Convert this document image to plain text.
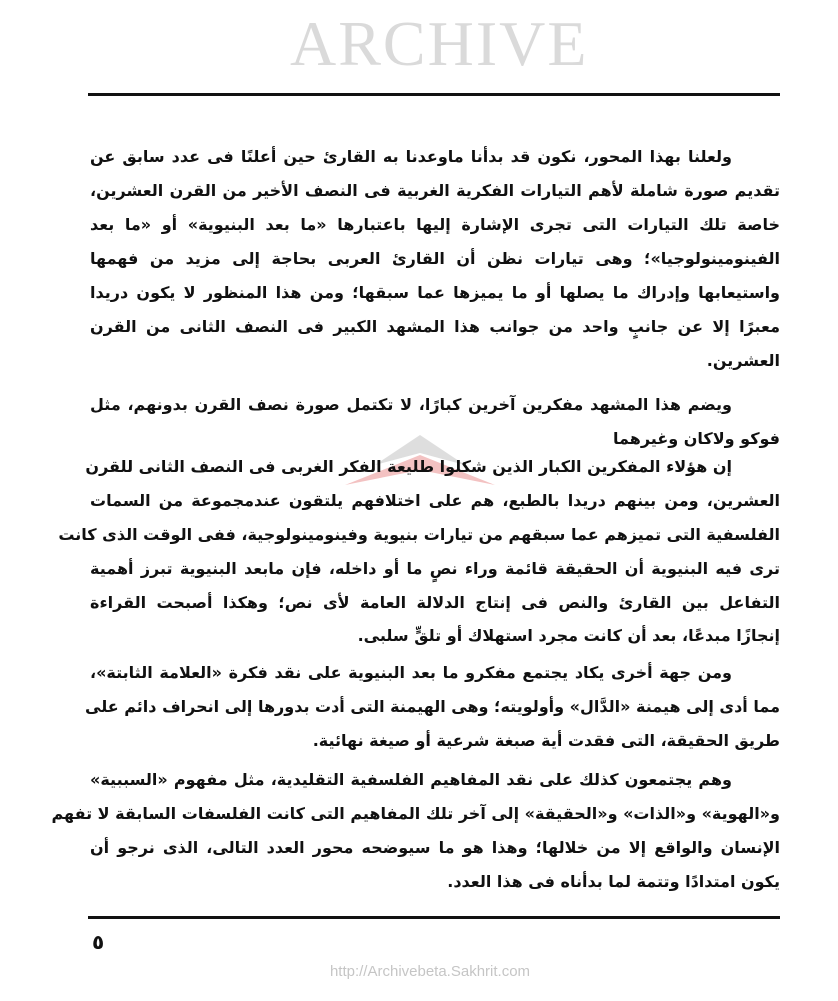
ARCHIVE
ولعلنا بهذا المحور، نكون قد بدأنا ماوعدنا به القارئ حين أعلنًا فى عدد سابق عن
تقديم صورة شاملة لأهم التيارات الفكرية الغربية فى النصف الأخير من القرن العشرين،
خاصة تلك التيارات التى تجرى الإشارة إليها باعتبارها «ما بعد البنيوية» أو «ما بعد
الفينومينولوجيا»؛ وهى تيارات نظن أن القارئ العربى بحاجة إلى مزيد من فهمها
واستيعابها وإدراك ما يصلها أو ما يميزها عما سبقها؛ ومن هذا المنظور لا يكون دريدا
معبرًا إلا عن جانبٍ واحد من جوانب هذا المشهد الكبير فى النصف الثانى من القرن
العشرين.
ويضم هذا المشهد مفكرين آخرين كبارًا، لا تكتمل صورة نصف القرن بدونهم، مثل
فوكو ولاكان وغيرهما
إن هؤلاء المفكرين الكبار الذين شكلوا طليعة الفكر الغربى فى النصف الثانى للقرن
العشرين، ومن بينهم دريدا بالطبع، هم على اختلافهم يلتقون عندمجموعة من السمات
الفلسفية التى تميزهم عما سبقهم من تيارات بنيوية وفينومينولوجية، ففى الوقت الذى كانت
ترى فيه البنيوية أن الحقيقة قائمة وراء نصٍ ما أو داخله، فإن مابعد البنيوية تبرز أهمية
التفاعل بين القارئ والنص فى إنتاج الدلالة العامة لأى نص؛ وهكذا أصبحت القراءة
إنجازًا مبدعًا، بعد أن كانت مجرد استهلاك أو تلقٍّ سلبى.
ومن جهة أخرى يكاد يجتمع مفكرو ما بعد البنيوية على نقد فكرة «العلامة الثابتة»،
مما أدى إلى هيمنة «الدَّال» وأولويته؛ وهى الهيمنة التى أدت بدورها إلى انحراف دائم على
طريق الحقيقة، التى فقدت أية صبغة شرعية أو صيغة نهائية.
وهم يجتمعون كذلك على نقد المفاهيم الفلسفية التقليدية، مثل مفهوم «السببية»
و«الهوية» و«الذات» و«الحقيقة» إلى آخر تلك المفاهيم التى كانت الفلسفات السابقة لا تفهم
الإنسان والواقع إلا من خلالها؛ وهذا هو ما سيوضحه محور العدد التالى، الذى نرجو أن
يكون امتدادًا وتتمة لما بدأناه فى هذا العدد.
٥
http://Archivebeta.Sakhrit.com
